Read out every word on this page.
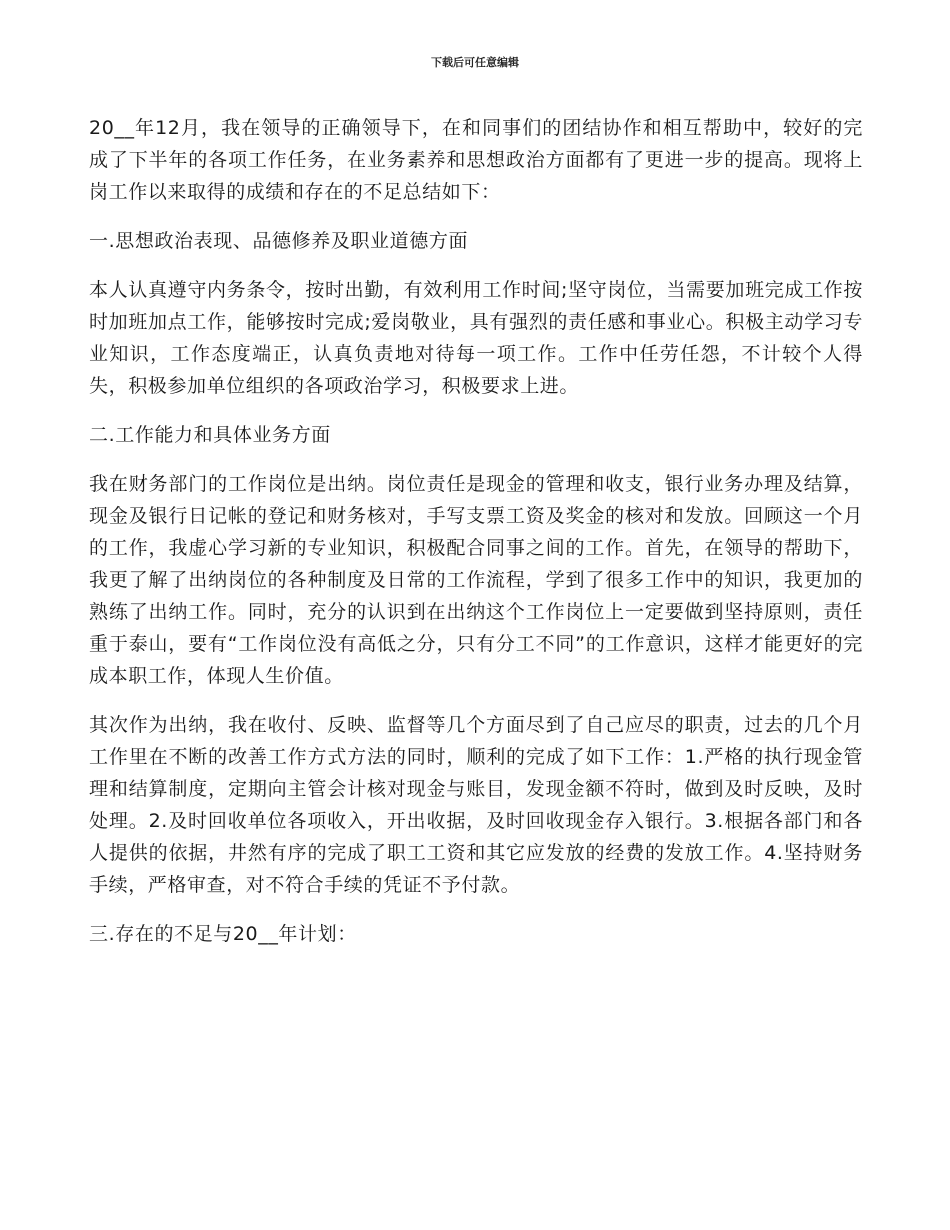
下载后可任意编辑

20__年12月，我在领导的正确领导下，在和同事们的团结协作和相互帮助中，较好的完成了下半年的各项工作任务，在业务素养和思想政治方面都有了更进一步的提高。现将上岗工作以来取得的成绩和存在的不足总结如下：

一.思想政治表现、品德修养及职业道德方面

本人认真遵守内务条令，按时出勤，有效利用工作时间;坚守岗位，当需要加班完成工作按时加班加点工作，能够按时完成;爱岗敬业，具有强烈的责任感和事业心。积极主动学习专业知识，工作态度端正，认真负责地对待每一项工作。工作中任劳任怨，不计较个人得失，积极参加单位组织的各项政治学习，积极要求上进。

二.工作能力和具体业务方面

我在财务部门的工作岗位是出纳。岗位责任是现金的管理和收支，银行业务办理及结算，现金及银行日记帐的登记和财务核对，手写支票工资及奖金的核对和发放。回顾这一个月的工作，我虚心学习新的专业知识，积极配合同事之间的工作。首先，在领导的帮助下，我更了解了出纳岗位的各种制度及日常的工作流程，学到了很多工作中的知识，我更加的熟练了出纳工作。同时，充分的认识到在出纳这个工作岗位上一定要做到坚持原则，责任重于泰山，要有“工作岗位没有高低之分，只有分工不同”的工作意识，这样才能更好的完成本职工作，体现人生价值。

其次作为出纳，我在收付、反映、监督等几个方面尽到了自己应尽的职责，过去的几个月工作里在不断的改善工作方式方法的同时，顺利的完成了如下工作：1.严格的执行现金管理和结算制度，定期向主管会计核对现金与账目，发现金额不符时，做到及时反映，及时处理。2.及时回收单位各项收入，开出收据，及时回收现金存入银行。3.根据各部门和各人提供的依据，井然有序的完成了职工工资和其它应发放的经费的发放工作。4.坚持财务手续，严格审查，对不符合手续的凭证不予付款。

三.存在的不足与20__年计划：
